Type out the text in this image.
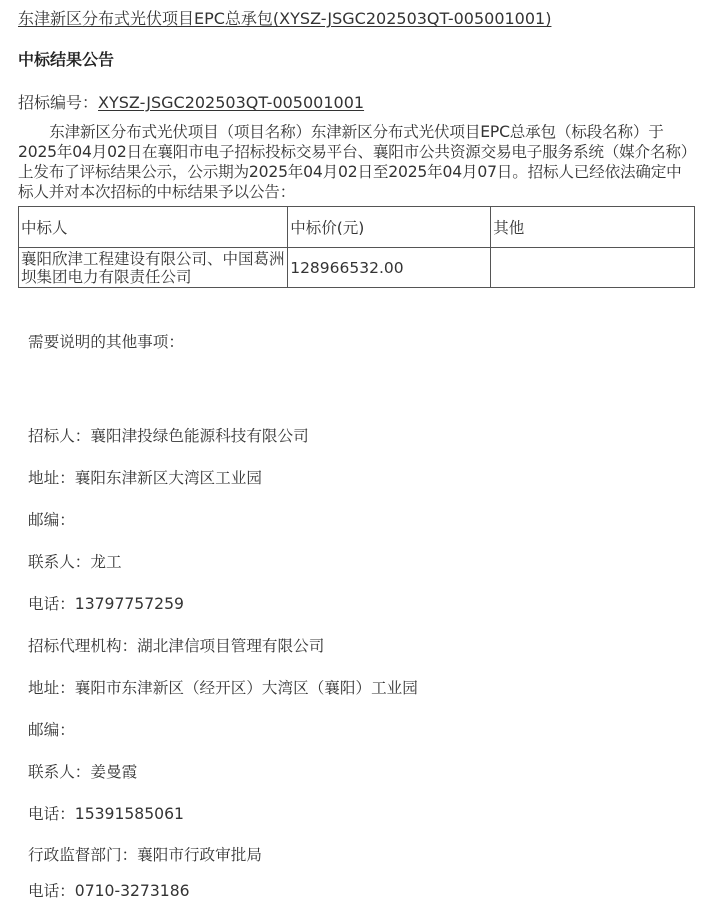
东津新区分布式光伏项目EPC总承包(XYSZ-JSGC202503QT-005001001)
中标结果公告
招标编号：XYSZ-JSGC202503QT-005001001

东津新区分布式光伏项目（项目名称）东津新区分布式光伏项目EPC总承包（标段名称）于2025年04月02日在襄阳市电子招标投标交易平台、襄阳市公共资源交易电子服务系统（媒介名称）上发布了评标结果公示，公示期为2025年04月02日至2025年04月07日。招标人已经依法确定中标人并对本次招标的中标结果予以公告：

中标人	中标价(元)	其他
襄阳欣津工程建设有限公司、中国葛洲坝集团电力有限责任公司	128966532.00	
需要说明的其他事项：
招标人：襄阳津投绿色能源科技有限公司
地址：襄阳东津新区大湾区工业园
邮编：
联系人：龙工
电话：13797757259
招标代理机构：湖北津信项目管理有限公司
地址：襄阳市东津新区（经开区）大湾区（襄阳）工业园
邮编：
联系人：姜曼霞
电话：15391585061
行政监督部门：襄阳市行政审批局
电话：0710-3273186
